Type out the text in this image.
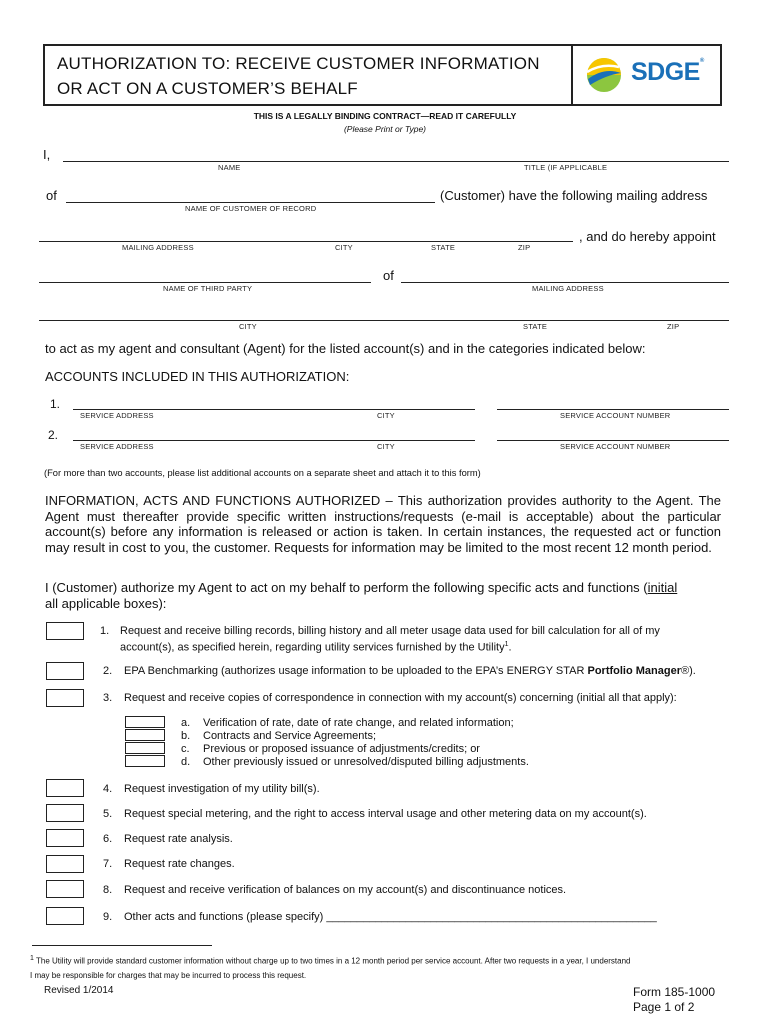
AUTHORIZATION TO: RECEIVE CUSTOMER INFORMATION
OR ACT ON A CUSTOMER’S BEHALF
SDGE®
THIS IS A LEGALLY BINDING CONTRACT—READ IT CAREFULLY
(Please Print or Type)
I,
NAME	TITLE (IF APPLICABLE
of	(Customer) have the following mailing address
NAME OF CUSTOMER OF RECORD
, and do hereby appoint
MAILING ADDRESS	CITY	STATE	ZIP
of
NAME OF THIRD PARTY	MAILING ADDRESS
CITY	STATE	ZIP
to act as my agent and consultant (Agent) for the listed account(s) and in the categories indicated below:
ACCOUNTS INCLUDED IN THIS AUTHORIZATION:
1.
SERVICE ADDRESS	CITY	SERVICE ACCOUNT NUMBER
2.
SERVICE ADDRESS	CITY	SERVICE ACCOUNT NUMBER
(For more than two accounts, please list additional accounts on a separate sheet and attach it to this form)
INFORMATION, ACTS AND FUNCTIONS AUTHORIZED – This authorization provides authority to the Agent. The Agent must thereafter provide specific written instructions/requests (e-mail is acceptable) about the particular account(s) before any information is released or action is taken. In certain instances, the requested act or function may result in cost to you, the customer. Requests for information may be limited to the most recent 12 month period.
I (Customer) authorize my Agent to act on my behalf to perform the following specific acts and functions (initial
all applicable boxes):
1. Request and receive billing records, billing history and all meter usage data used for bill calculation for all of my
account(s), as specified herein, regarding utility services furnished by the Utility$^1$.
2. EPA Benchmarking (authorizes usage information to be uploaded to the EPA’s ENERGY STAR Portfolio Manager®).
3. Request and receive copies of correspondence in connection with my account(s) concerning (initial all that apply):
a. Verification of rate, date of rate change, and related information;
b. Contracts and Service Agreements;
c. Previous or proposed issuance of adjustments/credits; or
d. Other previously issued or unresolved/disputed billing adjustments.
4. Request investigation of my utility bill(s).
5. Request special metering, and the right to access interval usage and other metering data on my account(s).
6. Request rate analysis.
7. Request rate changes.
8. Request and receive verification of balances on my account(s) and discontinuance notices.
9. Other acts and functions (please specify) ______________________________________________________
$^1$ The Utility will provide standard customer information without charge up to two times in a 12 month period per service account. After two requests in a year, I understand
I may be responsible for charges that may be incurred to process this request.
Revised 1/2014	Form 185-1000
Page 1 of 2
